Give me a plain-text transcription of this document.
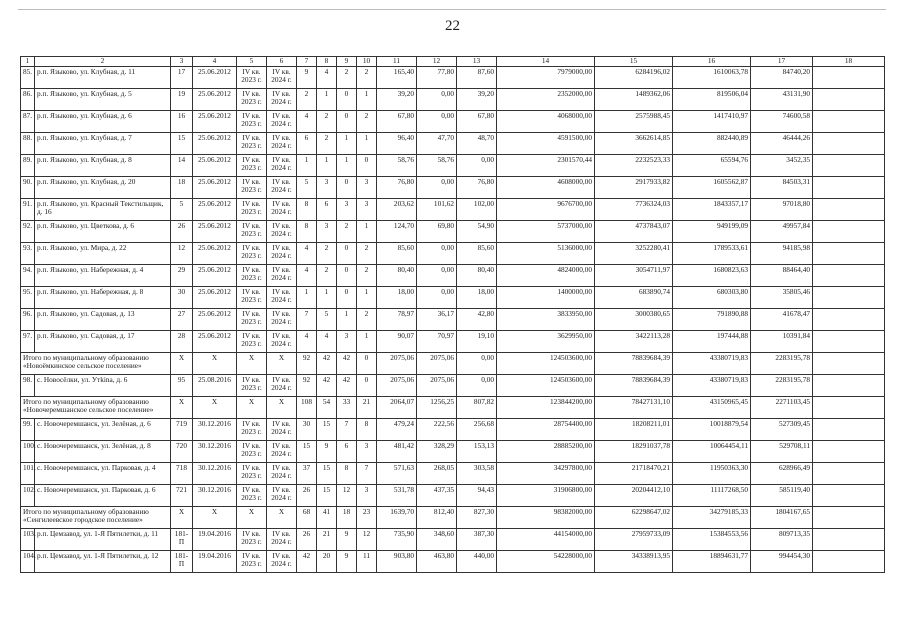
22
1	2	3	4	5	6	7	8	9	10	11	12	13	14	15	16	17	18
85.	р.п. Языково, ул. Клубная, д. 11	17	25.06.2012	IV кв. 2023 г.	IV кв. 2024 г.	9	4	2	2	165,40	77,80	87,60	7979000,00	6284196,02	1610063,78	84740,20	
86.	р.п. Языково, ул. Клубная, д. 5	19	25.06.2012	IV кв. 2023 г.	IV кв. 2024 г.	2	1	0	1	39,20	0,00	39,20	2352000,00	1489362,06	819506,04	43131,90	
87.	р.п. Языково, ул. Клубная, д. 6	16	25.06.2012	IV кв. 2023 г.	IV кв. 2024 г.	4	2	0	2	67,80	0,00	67,80	4068000,00	2575988,45	1417410,97	74600,58	
88.	р.п. Языково, ул. Клубная, д. 7	15	25.06.2012	IV кв. 2023 г.	IV кв. 2024 г.	6	2	1	1	96,40	47,70	48,70	4591500,00	3662614,85	882440,89	46444,26	
89.	р.п. Языково, ул. Клубная, д. 8	14	25.06.2012	IV кв. 2023 г.	IV кв. 2024 г.	1	1	1	0	58,76	58,76	0,00	2301570,44	2232523,33	65594,76	3452,35	
90.	р.п. Языково, ул. Клубная, д. 20	18	25.06.2012	IV кв. 2023 г.	IV кв. 2024 г.	5	3	0	3	76,80	0,00	76,80	4608000,00	2917933,82	1605562,87	84503,31	
91.	р.п. Языково, ул. Красный Текстильщик, д. 16	5	25.06.2012	IV кв. 2023 г.	IV кв. 2024 г.	8	6	3	3	203,62	101,62	102,00	9676700,00	7736324,03	1843357,17	97018,80	
92.	р.п. Языково, ул. Цветкова, д. 6	26	25.06.2012	IV кв. 2023 г.	IV кв. 2024 г.	8	3	2	1	124,70	69,80	54,90	5737000,00	4737843,07	949199,09	49957,84	
93.	р.п. Языково, ул. Мира, д. 22	12	25.06.2012	IV кв. 2023 г.	IV кв. 2024 г.	4	2	0	2	85,60	0,00	85,60	5136000,00	3252280,41	1789533,61	94185,98	
94.	р.п. Языково, ул. Набережная, д. 4	29	25.06.2012	IV кв. 2023 г.	IV кв. 2024 г.	4	2	0	2	80,40	0,00	80,40	4824000,00	3054711,97	1680823,63	88464,40	
95.	р.п. Языково, ул. Набережная, д. 8	30	25.06.2012	IV кв. 2023 г.	IV кв. 2024 г.	1	1	0	1	18,00	0,00	18,00	1400000,00	683890,74	680303,80	35805,46	
96.	р.п. Языково, ул. Садовая, д. 13	27	25.06.2012	IV кв. 2023 г.	IV кв. 2024 г.	7	5	1	2	78,97	36,17	42,80	3833950,00	3000380,65	791890,88	41678,47	
97.	р.п. Языково, ул. Садовая, д. 17	28	25.06.2012	IV кв. 2023 г.	IV кв. 2024 г.	4	4	3	1	90,07	70,97	19,10	3629950,00	3422113,28	197444,88	10391,84	
Итого по муниципальному образованию «Новоёмкинское сельское поселение»		X	X	X	X	92	42	42	0	2075,06	2075,06	0,00	124503600,00	78839684,39	43380719,83	2283195,78	
98.	с. Новосёлки, ул. Утkina, д. 6	95	25.08.2016	IV кв. 2023 г.	IV кв. 2024 г.	92	42	42	0	2075,06	2075,06	0,00	124503600,00	78839684,39	43380719,83	2283195,78	
Итого по муниципальному образованию «Новочеремшанское сельское поселение»		X	X	X	X	108	54	33	21	2064,07	1256,25	807,82	123844200,00	78427131,10	43150965,45	2271103,45	
99.	с. Новочеремшанск, ул. Зелёная, д. 6	719	30.12.2016	IV кв. 2023 г.	IV кв. 2024 г.	30	15	7	8	479,24	222,56	256,68	28754400,00	18208211,01	10018879,54	527309,45	
100.	с. Новочеремшанск, ул. Зелёная, д. 8	720	30.12.2016	IV кв. 2023 г.	IV кв. 2024 г.	15	9	6	3	481,42	328,29	153,13	28885200,00	18291037,78	10064454,11	529708,11	
101.	с. Новочеремшанск, ул. Парковая, д. 4	718	30.12.2016	IV кв. 2023 г.	IV кв. 2024 г.	37	15	8	7	571,63	268,05	303,58	34297800,00	21718470,21	11950363,30	628966,49	
102.	с. Новочеремшанск, ул. Парковая, д. 6	721	30.12.2016	IV кв. 2023 г.	IV кв. 2024 г.	26	15	12	3	531,78	437,35	94,43	31906800,00	20204412,10	11117268,50	585119,40	
Итого по муниципальному образованию «Сенгилеевское городское поселение»		X	X	X	X	68	41	18	23	1639,70	812,40	827,30	98382000,00	62298647,02	34279185,33	1804167,65	
103.	р.п. Цемзавод, ул. 1-Я Пятилетки, д. 11	181-П	19.04.2016	IV кв. 2023 г.	IV кв. 2024 г.	26	21	9	12	735,90	348,60	387,30	44154000,00	27959733,09	15384553,56	809713,35	
104.	р.п. Цемзавод, ул. 1-Я Пятилетки, д. 12	181-П	19.04.2016	IV кв. 2023 г.	IV кв. 2024 г.	42	20	9	11	903,80	463,80	440,00	54228000,00	34338913,95	18894631,77	994454,30	
